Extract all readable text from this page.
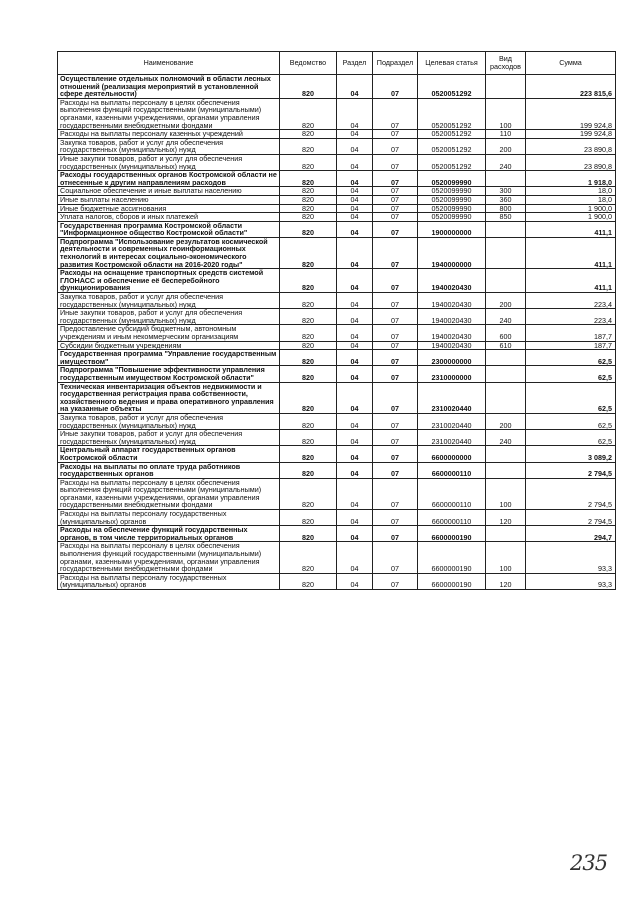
Наименование	Ведомство	Раздел	Подраздел	Целевая статья	Вид расходов	Сумма
Осуществление отдельных полномочий в области лесных отношений (реализация мероприятий в установленной сфере деятельности)	820	04	07	0520051292		223 815,6
Расходы на выплаты персоналу в целях обеспечения выполнения функций государственными (муниципальными) органами, казенными учреждениями, органами управления государственными внебюджетными фондами	820	04	07	0520051292	100	199 924,8
Расходы на выплаты персоналу казенных учреждений	820	04	07	0520051292	110	199 924,8
Закупка товаров, работ и услуг для обеспечения государственных (муниципальных) нужд	820	04	07	0520051292	200	23 890,8
Иные закупки товаров, работ и услуг для обеспечения государственных (муниципальных) нужд	820	04	07	0520051292	240	23 890,8
Расходы государственных органов Костромской области не отнесенные к другим направлениям расходов	820	04	07	0520099990		1 918,0
Социальное обеспечение и иные выплаты населению	820	04	07	0520099990	300	18,0
Иные выплаты населению	820	04	07	0520099990	360	18,0
Иные бюджетные ассигнования	820	04	07	0520099990	800	1 900,0
Уплата налогов, сборов и иных платежей	820	04	07	0520099990	850	1 900,0
Государственная программа Костромской области "Информационное общество Костромской области"	820	04	07	1900000000		411,1
Подпрограмма "Использование результатов космической деятельности и современных геоинформационных технологий в интересах социально-экономического развития Костромской области на 2016-2020 годы"	820	04	07	1940000000		411,1
Расходы на оснащение транспортных средств системой ГЛОНАСС и обеспечение её бесперебойного функционирования	820	04	07	1940020430		411,1
Закупка товаров, работ и услуг для обеспечения государственных (муниципальных) нужд	820	04	07	1940020430	200	223,4
Иные закупки товаров, работ и услуг для обеспечения государственных (муниципальных) нужд	820	04	07	1940020430	240	223,4
Предоставление субсидий бюджетным, автономным учреждениям и иным некоммерческим организациям	820	04	07	1940020430	600	187,7
Субсидии бюджетным учреждениям	820	04	07	1940020430	610	187,7
Государственная программа "Управление государственным имуществом"	820	04	07	2300000000		62,5
Подпрограмма "Повышение эффективности управления государственным имуществом Костромской области"	820	04	07	2310000000		62,5
Техническая инвентаризация объектов недвижимости и государственная регистрация права собственности, хозяйственного ведения и права оперативного управления на указанные объекты	820	04	07	2310020440		62,5
Закупка товаров, работ и услуг для обеспечения государственных (муниципальных) нужд	820	04	07	2310020440	200	62,5
Иные закупки товаров, работ и услуг для обеспечения государственных (муниципальных) нужд	820	04	07	2310020440	240	62,5
Центральный аппарат государственных органов Костромской области	820	04	07	6600000000		3 089,2
Расходы на выплаты по оплате труда работников государственных органов	820	04	07	6600000110		2 794,5
Расходы на выплаты персоналу в целях обеспечения выполнения функций государственными (муниципальными) органами, казенными учреждениями, органами управления государственными внебюджетными фондами	820	04	07	6600000110	100	2 794,5
Расходы на выплаты персоналу государственных (муниципальных) органов	820	04	07	6600000110	120	2 794,5
Расходы на обеспечение функций государственных органов, в том числе территориальных органов	820	04	07	6600000190		294,7
Расходы на выплаты персоналу в целях обеспечения выполнения функций государственными (муниципальными) органами, казенными учреждениями, органами управления государственными внебюджетными фондами	820	04	07	6600000190	100	93,3
Расходы на выплаты персоналу государственных (муниципальных) органов	820	04	07	6600000190	120	93,3
235
